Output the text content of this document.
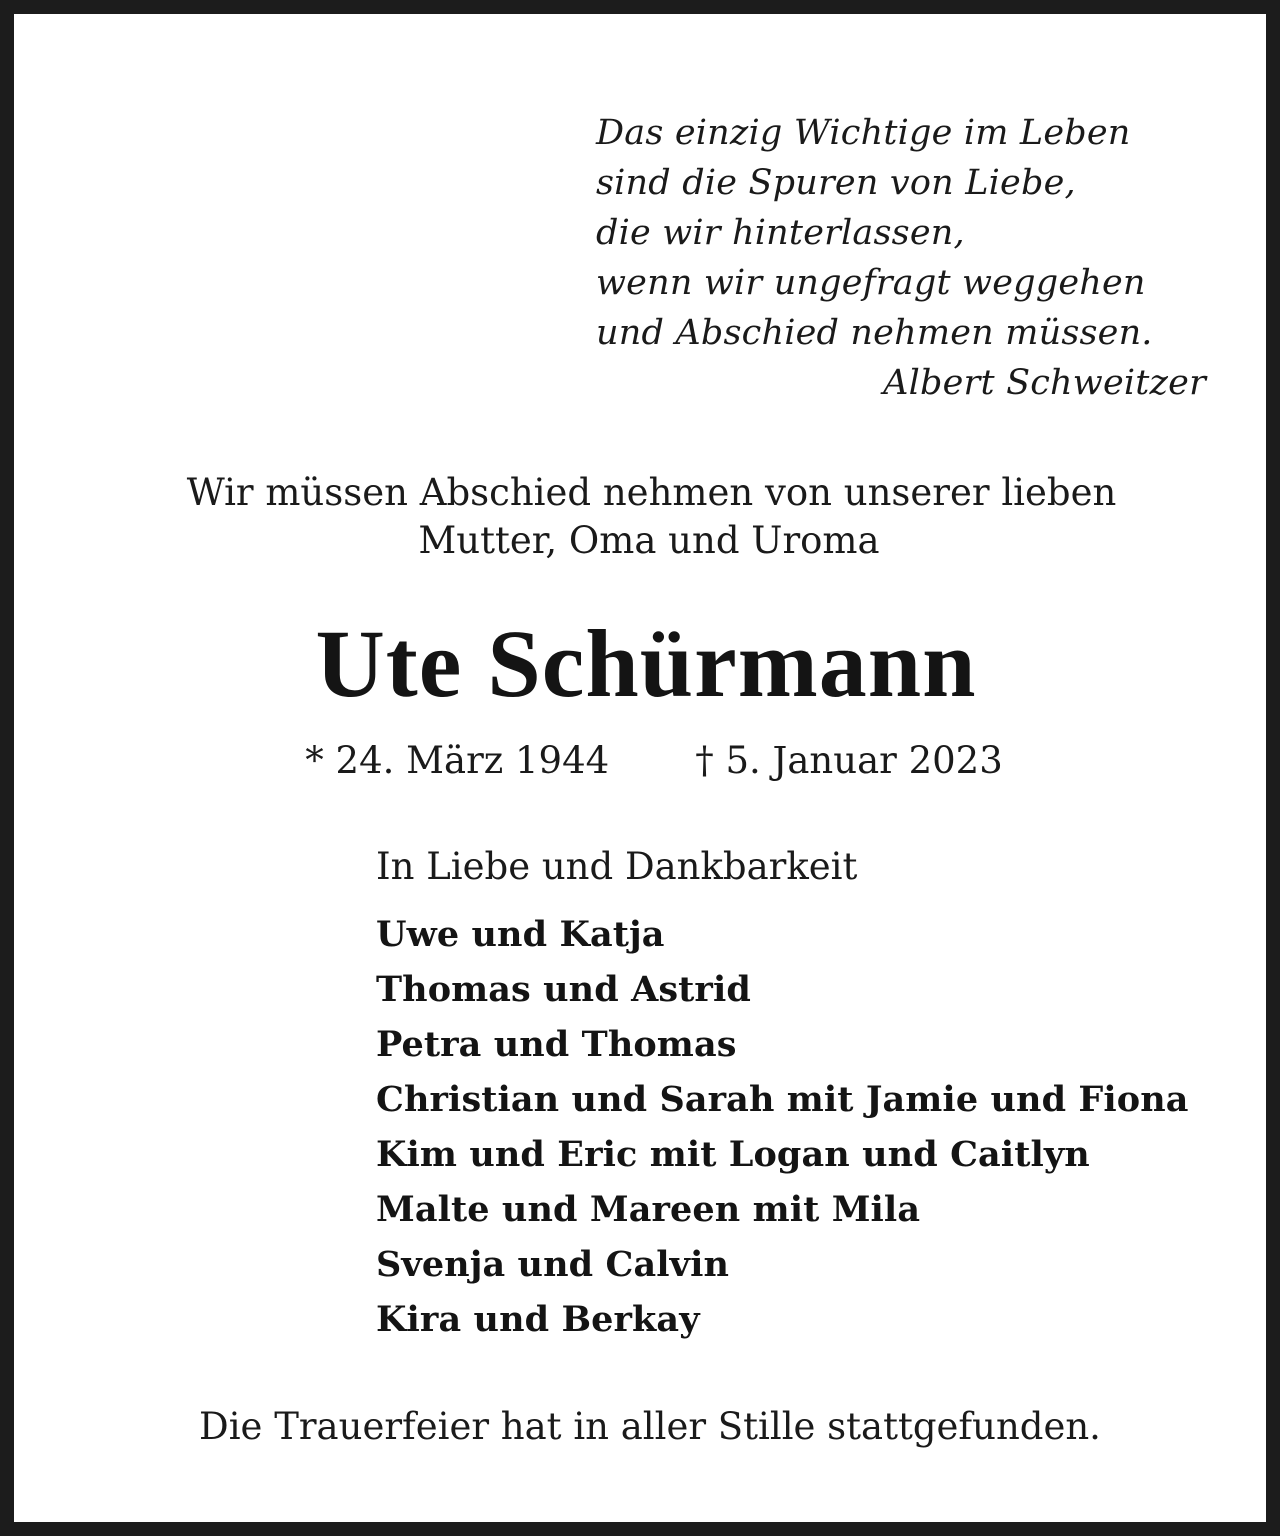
Das einzig Wichtige im Leben
sind die Spuren von Liebe,
die wir hinterlassen,
wenn wir ungefragt weggehen
und Abschied nehmen müssen.
Albert Schweitzer
Wir müssen Abschied nehmen von unserer lieben
Mutter, Oma und Uroma
Ute Schürmann
* 24. März 1944 † 5. Januar 2023
In Liebe und Dankbarkeit
Uwe und Katja
Thomas und Astrid
Petra und Thomas
Christian und Sarah mit Jamie und Fiona
Kim und Eric mit Logan und Caitlyn
Malte und Mareen mit Mila
Svenja und Calvin
Kira und Berkay
Die Trauerfeier hat in aller Stille stattgefunden.
